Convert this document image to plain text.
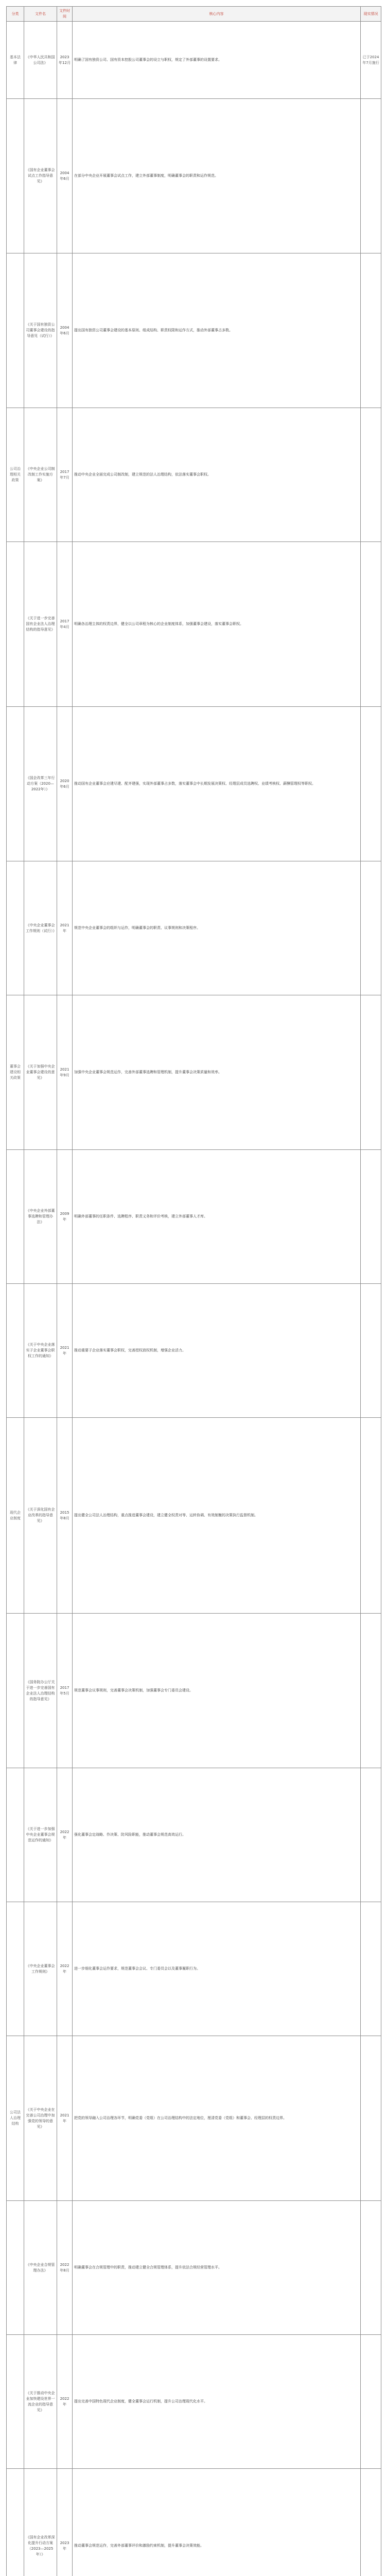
分类	文件名	文件时间	核心内容	现实情况
基本法律	《中华人民共和国公司法》	2023年12月	明确了国有独资公司、国有资本控股公司董事会的设立与职权，规定了外部董事的设置要求。	已于2024年7月施行
	《国有企业董事会试点工作指导意见》	2004年6月	在部分中央企业开展董事会试点工作，建立外部董事制度，明确董事会的职责和运作规范。	
	《关于国有独资公司董事会建设的指导意见（试行）》	2004年6月	提出国有独资公司董事会建设的基本原则、组成结构、职责权限和运作方式，推动外部董事占多数。	
公司治理相关政策	《中央企业公司制改制工作实施方案》	2017年7月	推动中央企业全面完成公司制改制，建立规范的法人治理结构，依法落实董事会职权。	
	《关于进一步完善国有企业法人治理结构的指导意见》	2017年4月	明确各治理主体的权责边界，健全以公司章程为核心的企业制度体系，加强董事会建设，落实董事会职权。	
	《国企改革三年行动方案（2020—2022年）》	2020年6月	推动国有企业董事会应建尽建、配齐建强，实现外部董事占多数，落实董事会中长期发展决策权、经理层成员选聘权、业绩考核权、薪酬管理权等职权。	
	《中央企业董事会工作规则（试行）》	2021年	规范中央企业董事会的组织与运作，明确董事会的职责、议事规则和决策程序。	
董事会建设相关政策	《关于加强中央企业董事会建设的意见》	2021年9月	加强中央企业董事会规范运作，完善外部董事选聘和管理机制，提升董事会决策质量和效率。	
	《中央企业外部董事选聘和管理办法》	2009年	明确外部董事的任职条件、选聘程序、职责义务和评价考核，建立外部董事人才库。	
	《关于中央企业落实子企业董事会职权工作的通知》	2021年	推动重要子企业落实董事会职权，完善授权放权机制，增强企业活力。	
现代企业制度	《关于深化国有企业改革的指导意见》	2015年8月	提出健全公司法人治理结构，重点推进董事会建设，建立健全权责对等、运转协调、有效制衡的决策执行监督机制。	
	《国务院办公厅关于进一步完善国有企业法人治理结构的指导意见》	2017年5月	规范董事会议事规则，完善董事会决策机制，加强董事会专门委员会建设。	
	《关于进一步加强中央企业董事会规范运作的通知》	2022年	强化董事会定战略、作决策、防风险职能，推动董事会规范高效运行。	
	《中央企业董事会工作规则》	2022年	进一步细化董事会运作要求，规范董事会会议、专门委员会以及董事履职行为。	
公司法人治理结构	《关于中央企业在完善公司治理中加强党的领导的意见》	2021年	把党的领导融入公司治理各环节，明确党委（党组）在公司治理结构中的法定地位，厘清党委（党组）和董事会、经理层的权责边界。	
	《中央企业合规管理办法》	2022年8月	明确董事会在合规管理中的职责，推动建立健全合规管理体系，提升依法合规经营管理水平。	
	《关于推动中央企业加快建设世界一流企业的指导意见》	2022年	提出完善中国特色现代企业制度，健全董事会运行机制，提升公司治理现代化水平。	
	《国有企业改革深化提升行动方案（2023—2025年）》	2023年	推动董事会规范运作，完善外部董事评价和激励约束机制，提升董事会决策效能。	
